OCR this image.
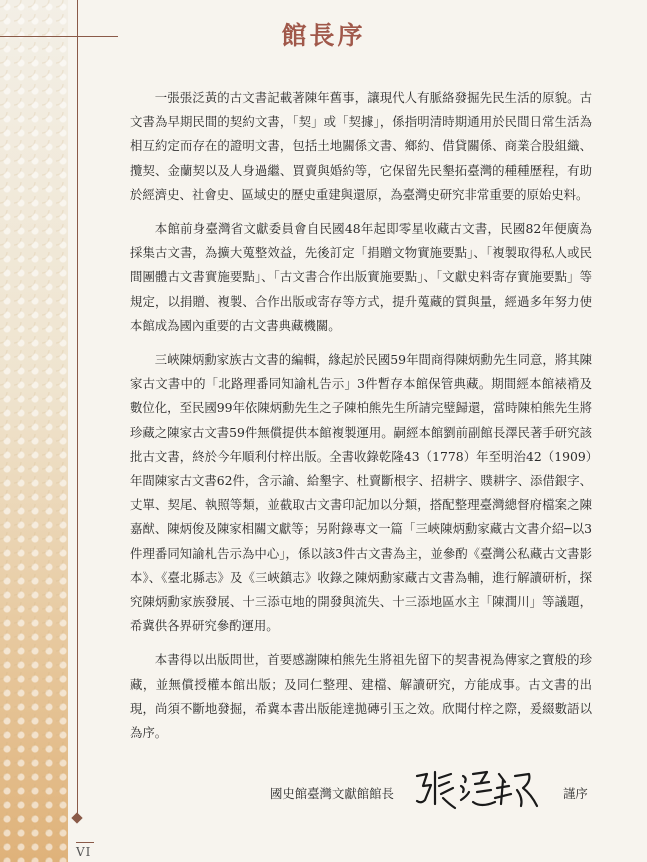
VI
館長序

一張張泛黃的古文書記載著陳年舊事，讓現代人有脈絡發掘先民生活的原貌。古文書為早期民間的契約文書，「契」或「契據」，係指明清時期通用於民間日常生活為相互約定而存在的證明文書，包括土地關係文書、鄉約、借貸關係、商業合股組織、攬契、金蘭契以及人身過繼、買賣與婚約等，它保留先民墾拓臺灣的種種歷程，有助於經濟史、社會史、區域史的歷史重建與還原，為臺灣史研究非常重要的原始史料。

本館前身臺灣省文獻委員會自民國48年起即零星收藏古文書，民國82年便廣為採集古文書，為擴大蒐整效益，先後訂定「捐贈文物實施要點」、「複製取得私人或民間團體古文書實施要點」、「古文書合作出版實施要點」、「文獻史料寄存實施要點」等規定，以捐贈、複製、合作出版或寄存等方式，提升蒐藏的質與量，經過多年努力使本館成為國內重要的古文書典藏機關。

三峽陳炳勳家族古文書的編輯，緣起於民國59年間商得陳炳勳先生同意，將其陳家古文書中的「北路理番同知諭札告示」3件暫存本館保管典藏。期間經本館裱褙及數位化，至民國99年依陳炳勳先生之子陳柏熊先生所請完璧歸還，當時陳柏熊先生將珍藏之陳家古文書59件無償提供本館複製運用。嗣經本館劉前副館長澤民著手研究該批古文書，終於今年順利付梓出版。全書收錄乾隆43（1778）年至明治42（1909）年間陳家古文書62件，含示諭、給墾字、杜賣斷根字、招耕字、贌耕字、添借銀字、丈單、契尾、執照等類，並截取古文書印記加以分類，搭配整理臺灣總督府檔案之陳嘉猷、陳炳俊及陳家相關文獻等；另附錄專文一篇「三峽陳炳勳家藏古文書介紹─以3件理番同知諭札告示為中心」，係以該3件古文書為主，並參酌《臺灣公私藏古文書影本》、《臺北縣志》及《三峽鎮志》收錄之陳炳勳家藏古文書為輔，進行解讀研析，探究陳炳勳家族發展、十三添屯地的開發與流失、十三添地區水主「陳潤川」等議題，希冀供各界研究參酌運用。

本書得以出版問世，首要感謝陳柏熊先生將祖先留下的契書視為傳家之寶般的珍藏，並無償授權本館出版；及同仁整理、建檔、解讀研究，方能成事。古文書的出現，尚須不斷地發掘，希冀本書出版能達拋磚引玉之效。欣聞付梓之際，爰綴數語以為序。

國史館臺灣文獻館館長	謹序
